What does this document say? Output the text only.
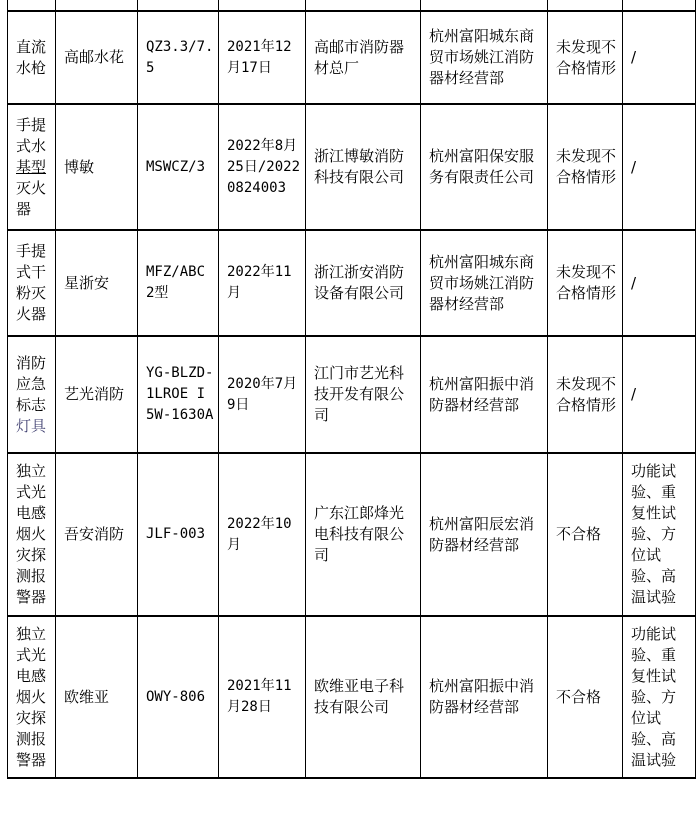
直流水枪	高邮水花	QZ3.3/7.5	2021年12月17日	高邮市消防器材总厂	杭州富阳城东商贸市场姚江消防器材经营部	未发现不合格情形	/
手提式水基型灭火器	博敏	MSWCZ/3	2022年8月25日/20220824003	浙江博敏消防科技有限公司	杭州富阳保安服务有限责任公司	未发现不合格情形	/
手提式干粉灭火器	星浙安	MFZ/ABC 2型	2022年11月	浙江浙安消防设备有限公司	杭州富阳城东商贸市场姚江消防器材经营部	未发现不合格情形	/
消防应急标志灯具	艺光消防	YG-BLZD-1LROE I 5W-1630A	2020年7月9日	江门市艺光科技开发有限公司	杭州富阳振中消防器材经营部	未发现不合格情形	/
独立式光电感烟火灾探测报警器	吾安消防	JLF-003	2022年10月	广东江郞烽光电科技有限公司	杭州富阳辰宏消防器材经营部	不合格	功能试验、重复性试验、方位试验、高温试验
独立式光电感烟火灾探测报警器	欧维亚	OWY-806	2021年11月28日	欧维亚电子科技有限公司	杭州富阳振中消防器材经营部	不合格	功能试验、重复性试验、方位试验、高温试验
